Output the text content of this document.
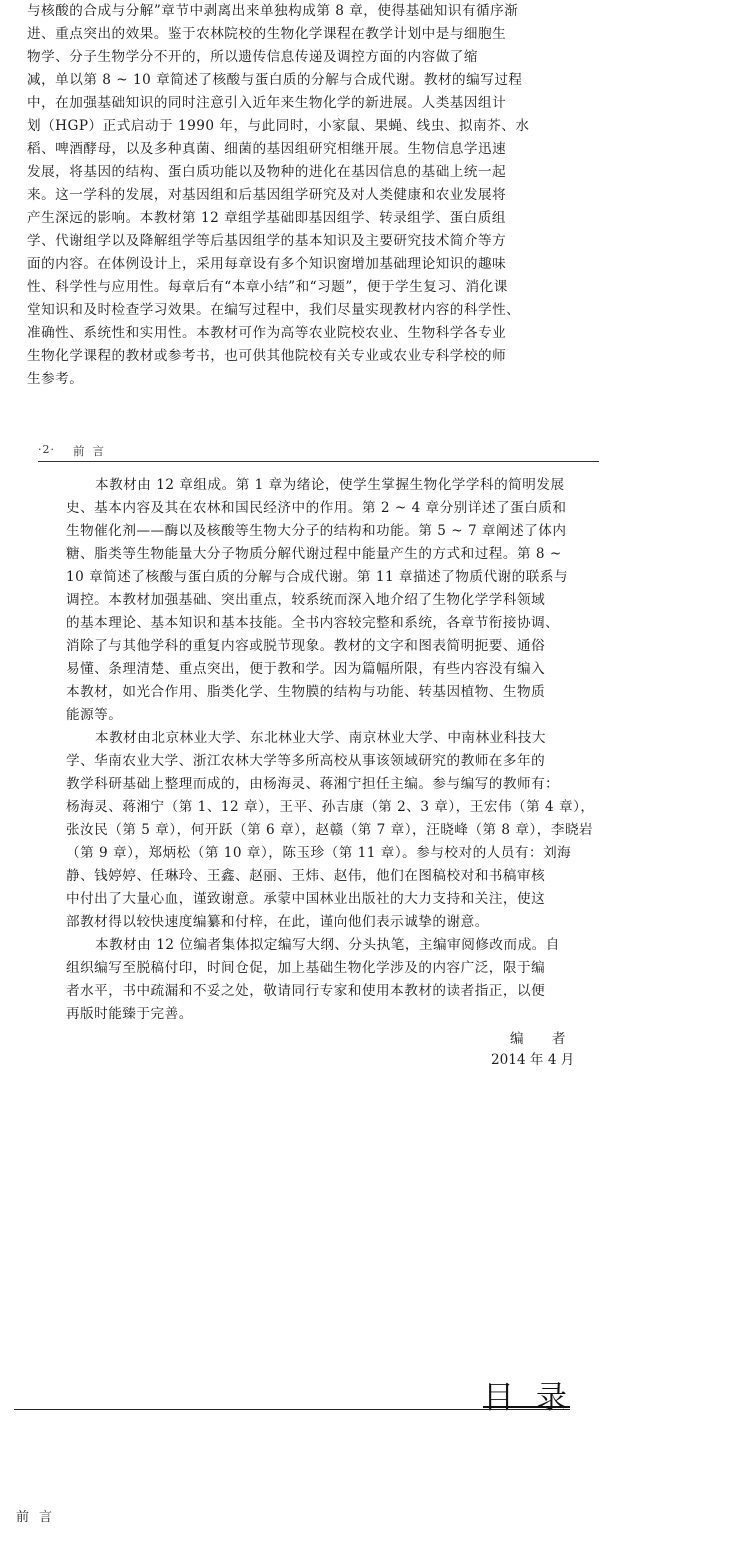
与核酸的合成与分解”章节中剥离出来单独构成第 8 章，使得基础知识有循序渐
进、重点突出的效果。鉴于农林院校的生物化学课程在教学计划中是与细胞生
物学、分子生物学分不开的，所以遗传信息传递及调控方面的内容做了缩
减，单以第 8 ~ 10 章简述了核酸与蛋白质的分解与合成代谢。教材的编写过程
中，在加强基础知识的同时注意引入近年来生物化学的新进展。人类基因组计
划（HGP）正式启动于 1990 年，与此同时，小家鼠、果蝇、线虫、拟南芥、水
稻、啤酒酵母，以及多种真菌、细菌的基因组研究相继开展。生物信息学迅速
发展，将基因的结构、蛋白质功能以及物种的进化在基因信息的基础上统一起
来。这一学科的发展，对基因组和后基因组学研究及对人类健康和农业发展将
产生深远的影响。本教材第 12 章组学基础即基因组学、转录组学、蛋白质组
学、代谢组学以及降解组学等后基因组学的基本知识及主要研究技术简介等方
面的内容。在体例设计上，采用每章设有多个知识窗增加基础理论知识的趣味
性、科学性与应用性。每章后有“本章小结”和“习题”，便于学生复习、消化课
堂知识和及时检查学习效果。在编写过程中，我们尽量实现教材内容的科学性、
准确性、系统性和实用性。本教材可作为高等农业院校农业、生物科学各专业
生物化学课程的教材或参考书，也可供其他院校有关专业或农业专科学校的师
生参考。
·2· 前言
本教材由 12 章组成。第 1 章为绪论，使学生掌握生物化学学科的简明发展
史、基本内容及其在农林和国民经济中的作用。第 2 ~ 4 章分别详述了蛋白质和
生物催化剂——酶以及核酸等生物大分子的结构和功能。第 5 ~ 7 章阐述了体内
糖、脂类等生物能量大分子物质分解代谢过程中能量产生的方式和过程。第 8 ~
10 章简述了核酸与蛋白质的分解与合成代谢。第 11 章描述了物质代谢的联系与
调控。本教材加强基础、突出重点，较系统而深入地介绍了生物化学学科领域
的基本理论、基本知识和基本技能。全书内容较完整和系统，各章节衔接协调、
消除了与其他学科的重复内容或脱节现象。教材的文字和图表简明扼要、通俗
易懂、条理清楚、重点突出，便于教和学。因为篇幅所限，有些内容没有编入
本教材，如光合作用、脂类化学、生物膜的结构与功能、转基因植物、生物质
能源等。
本教材由北京林业大学、东北林业大学、南京林业大学、中南林业科技大
学、华南农业大学、浙江农林大学等多所高校从事该领域研究的教师在多年的
教学科研基础上整理而成的，由杨海灵、蒋湘宁担任主编。参与编写的教师有：
杨海灵、蒋湘宁（第 1、12 章），王平、孙吉康（第 2、3 章），王宏伟（第 4 章），
张汝民（第 5 章），何开跃（第 6 章），赵赣（第 7 章），汪晓峰（第 8 章），李晓岩
（第 9 章），郑炳松（第 10 章），陈玉珍（第 11 章）。参与校对的人员有：刘海
静、钱婷婷、任琳玲、王鑫、赵丽、王炜、赵伟，他们在图稿校对和书稿审核
中付出了大量心血，谨致谢意。承蒙中国林业出版社的大力支持和关注，使这
部教材得以较快速度编纂和付梓，在此，谨向他们表示诚挚的谢意。
本教材由 12 位编者集体拟定编写大纲、分头执笔，主编审阅修改而成。自
组织编写至脱稿付印，时间仓促，加上基础生物化学涉及的内容广泛，限于编
者水平，书中疏漏和不妥之处，敬请同行专家和使用本教材的读者指正，以便
再版时能臻于完善。
编 者
2014 年 4 月
目录
前言
